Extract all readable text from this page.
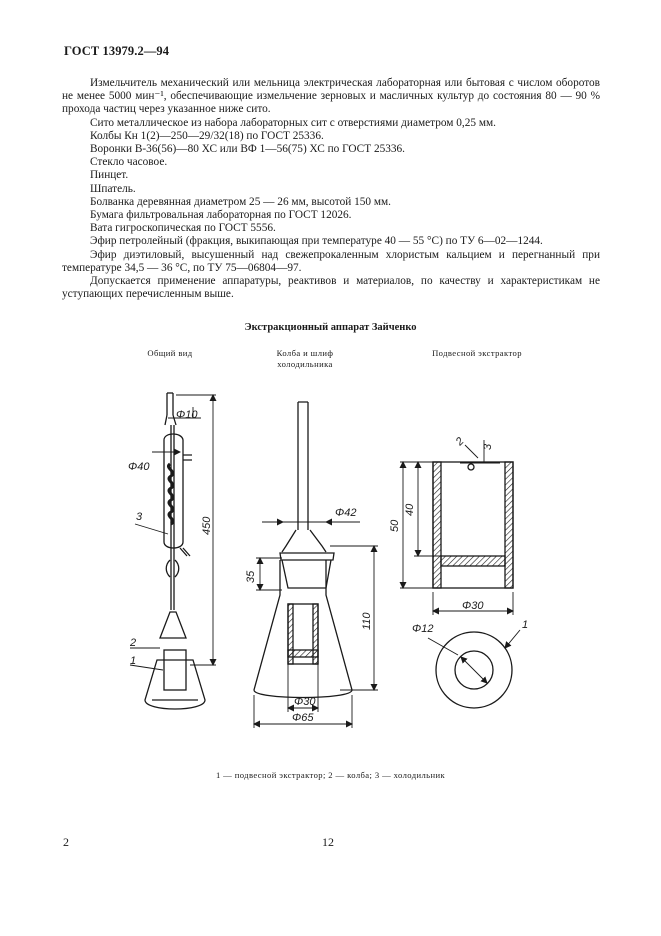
ГОСТ 13979.2—94

Измельчитель механический или мельница электрическая лабораторная или бытовая с числом оборотов не менее 5000 мин⁻¹, обеспечивающие измельчение зерновых и масличных культур до состояния 80 — 90 % прохода частиц через указанное ниже сито.

Сито металлическое из набора лабораторных сит с отверстиями диаметром 0,25 мм.

Колбы Кн 1(2)—250—29/32(18) по ГОСТ 25336.

Воронки В-36(56)—80 ХС или ВФ 1—56(75) ХС по ГОСТ 25336.

Стекло часовое.

Пинцет.

Шпатель.

Болванка деревянная диаметром 25 — 26 мм, высотой 150 мм.

Бумага фильтровальная лабораторная по ГОСТ 12026.

Вата гигроскопическая по ГОСТ 5556.

Эфир петролейный (фракция, выкипающая при температуре 40 — 55 °С) по ТУ 6—02—1244.

Эфир диэтиловый, высушенный над свежепрокаленным хлористым кальцием и перегнанный при температуре 34,5 — 36 °С, по ТУ 75—06804—97.

Допускается применение аппаратуры, реактивов и материалов, по качеству и характеристикам не уступающих перечисленным выше.

Экстракционный аппарат Зайченко
Общий вид	Колба и шлиф
холодильника
Подвесной экстрактор
Φ10
Φ40
450
3
2
1
Φ42
35
110
Φ30
Φ65
2 3
50
40
Φ30
Φ12	1
1 — подвесной экстрактор; 2 — колба; 3 — холодильник
2	12
